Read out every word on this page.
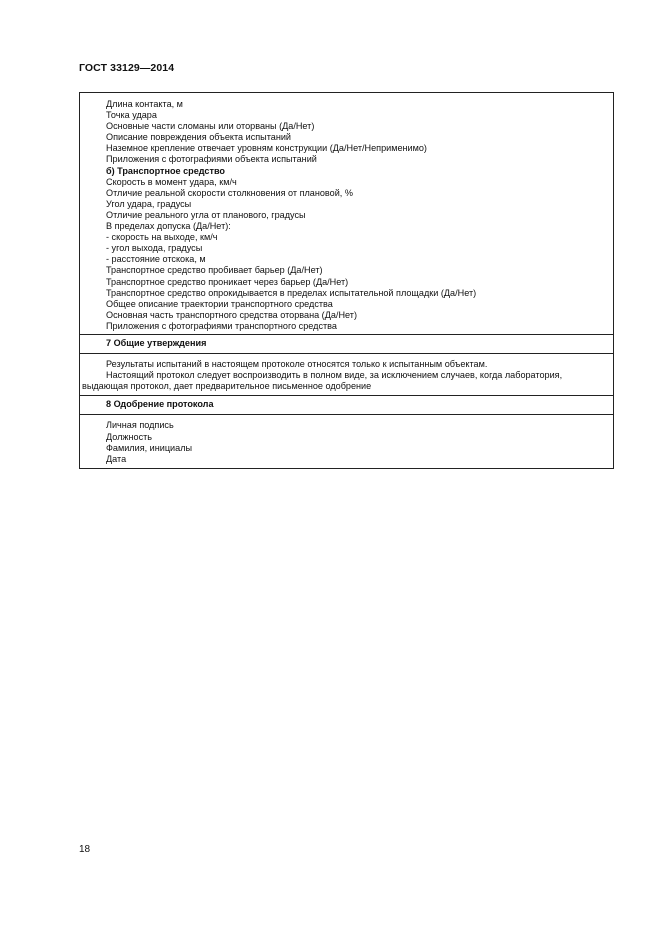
ГОСТ 33129—2014
Длина контакта, м
Точка удара
Основные части сломаны или оторваны (Да/Нет)
Описание повреждения объекта испытаний
Наземное крепление отвечает уровням конструкции (Да/Нет/Неприменимо)
Приложения с фотографиями объекта испытаний
б) Транспортное средство
Скорость в момент удара, км/ч
Отличие реальной скорости столкновения от плановой, %
Угол удара, градусы
Отличие реального угла от планового, градусы
В пределах допуска (Да/Нет):
- скорость на выходе, км/ч
- угол выхода, градусы
- расстояние отскока, м
Транспортное средство пробивает барьер (Да/Нет)
Транспортное средство проникает через барьер (Да/Нет)
Транспортное средство опрокидывается в пределах испытательной площадки (Да/Нет)
Общее описание траектории транспортного средства
Основная часть транспортного средства оторвана (Да/Нет)
Приложения с фотографиями транспортного средства
7 Общие утверждения
Результаты испытаний в настоящем протоколе относятся только к испытанным объектам.
Настоящий протокол следует воспроизводить в полном виде, за исключением случаев, когда лаборатория,
выдающая протокол, дает предварительное письменное одобрение
8 Одобрение протокола
Личная подпись
Должность
Фамилия, инициалы
Дата
18
